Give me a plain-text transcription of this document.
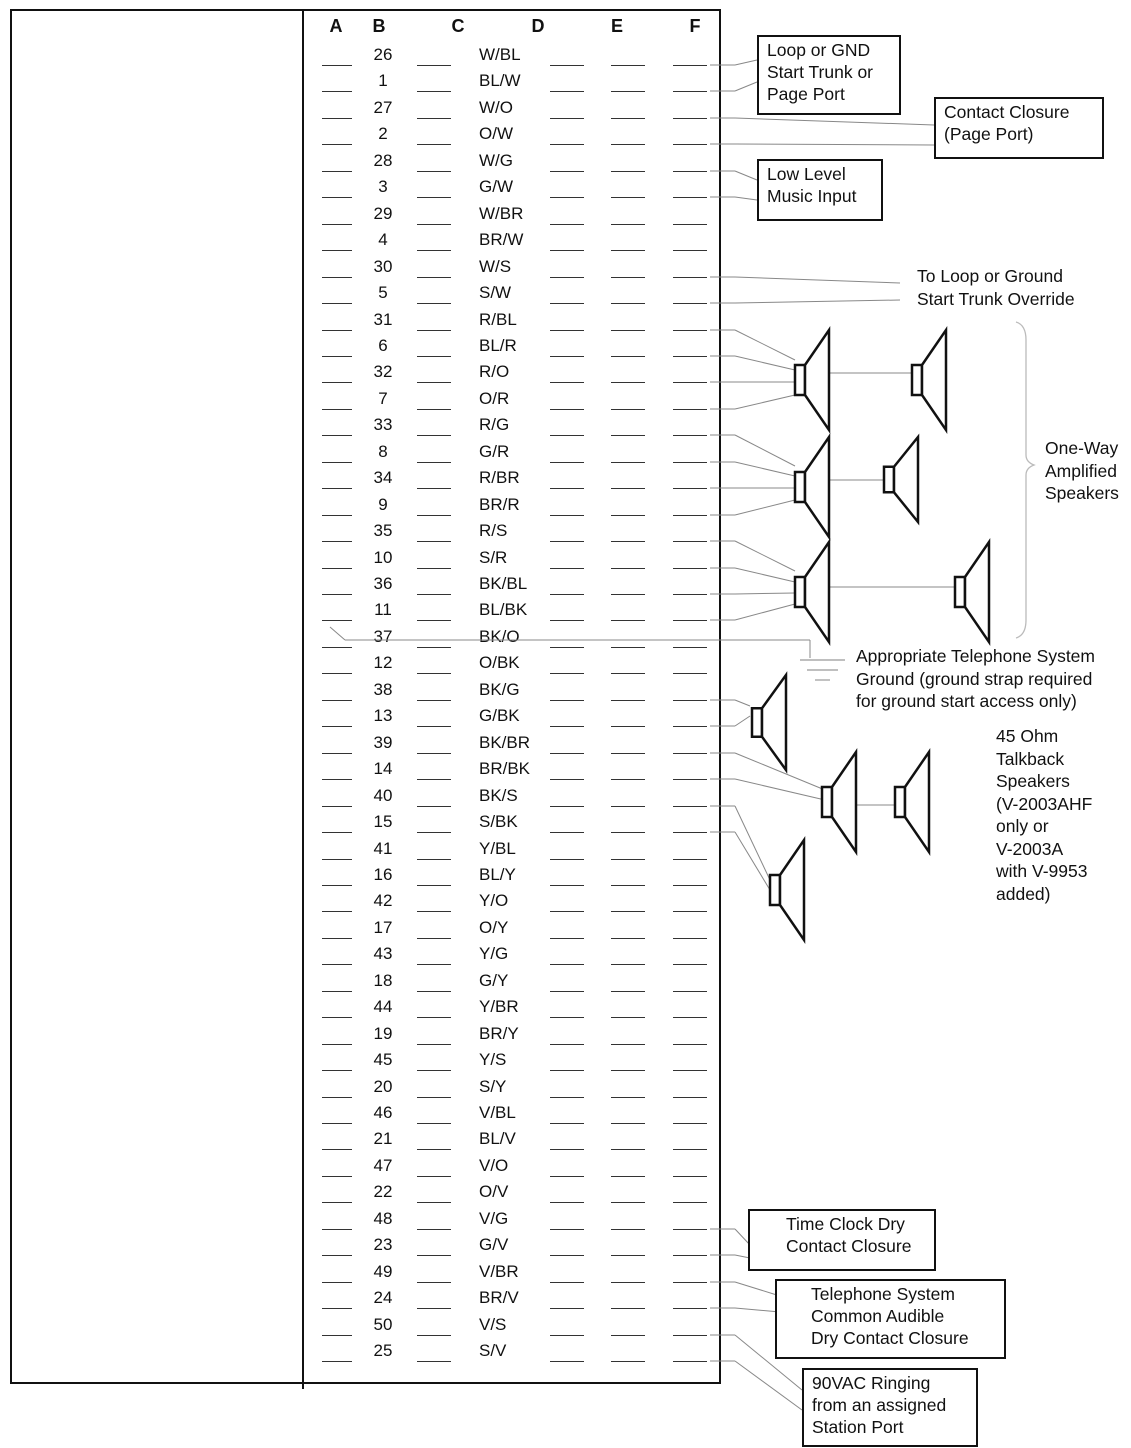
A B	C	D	E	F
26	W/BL
1	BL/W
27	W/O
2	O/W
28	W/G
3	G/W
29	W/BR
4	BR/W
30	W/S
5	S/W
31	R/BL
6	BL/R
32	R/O
7	O/R
33	R/G
8	G/R
34	R/BR
9	BR/R
35	R/S
10	S/R
36	BK/BL
11	BL/BK
37	BK/O
12	O/BK
38	BK/G
13	G/BK
39	BK/BR
14	BR/BK
40	BK/S
15	S/BK
41	Y/BL
16	BL/Y
42	Y/O
17	O/Y
43	Y/G
18	G/Y
44	Y/BR
19	BR/Y
45	Y/S
20	S/Y
46	V/BL
21	BL/V
47	V/O
22	O/V
48	V/G
23	G/V
49	V/BR
24	BR/V
50	V/S
25	S/V
Loop or GND
Start Trunk or
Page Port
Contact Closure
(Page Port)
Low Level
Music Input
To Loop or Ground
Start Trunk Override
One-Way
Amplified
Speakers
Appropriate Telephone System
Ground (ground strap required
for ground start access only)
45 Ohm
Talkback
Speakers
(V-2003AHF
only or
V-2003A
with V-9953
added)
Time Clock Dry
Contact Closure
Telephone System
Common Audible
Dry Contact Closure
90VAC Ringing
from an assigned
Station Port
